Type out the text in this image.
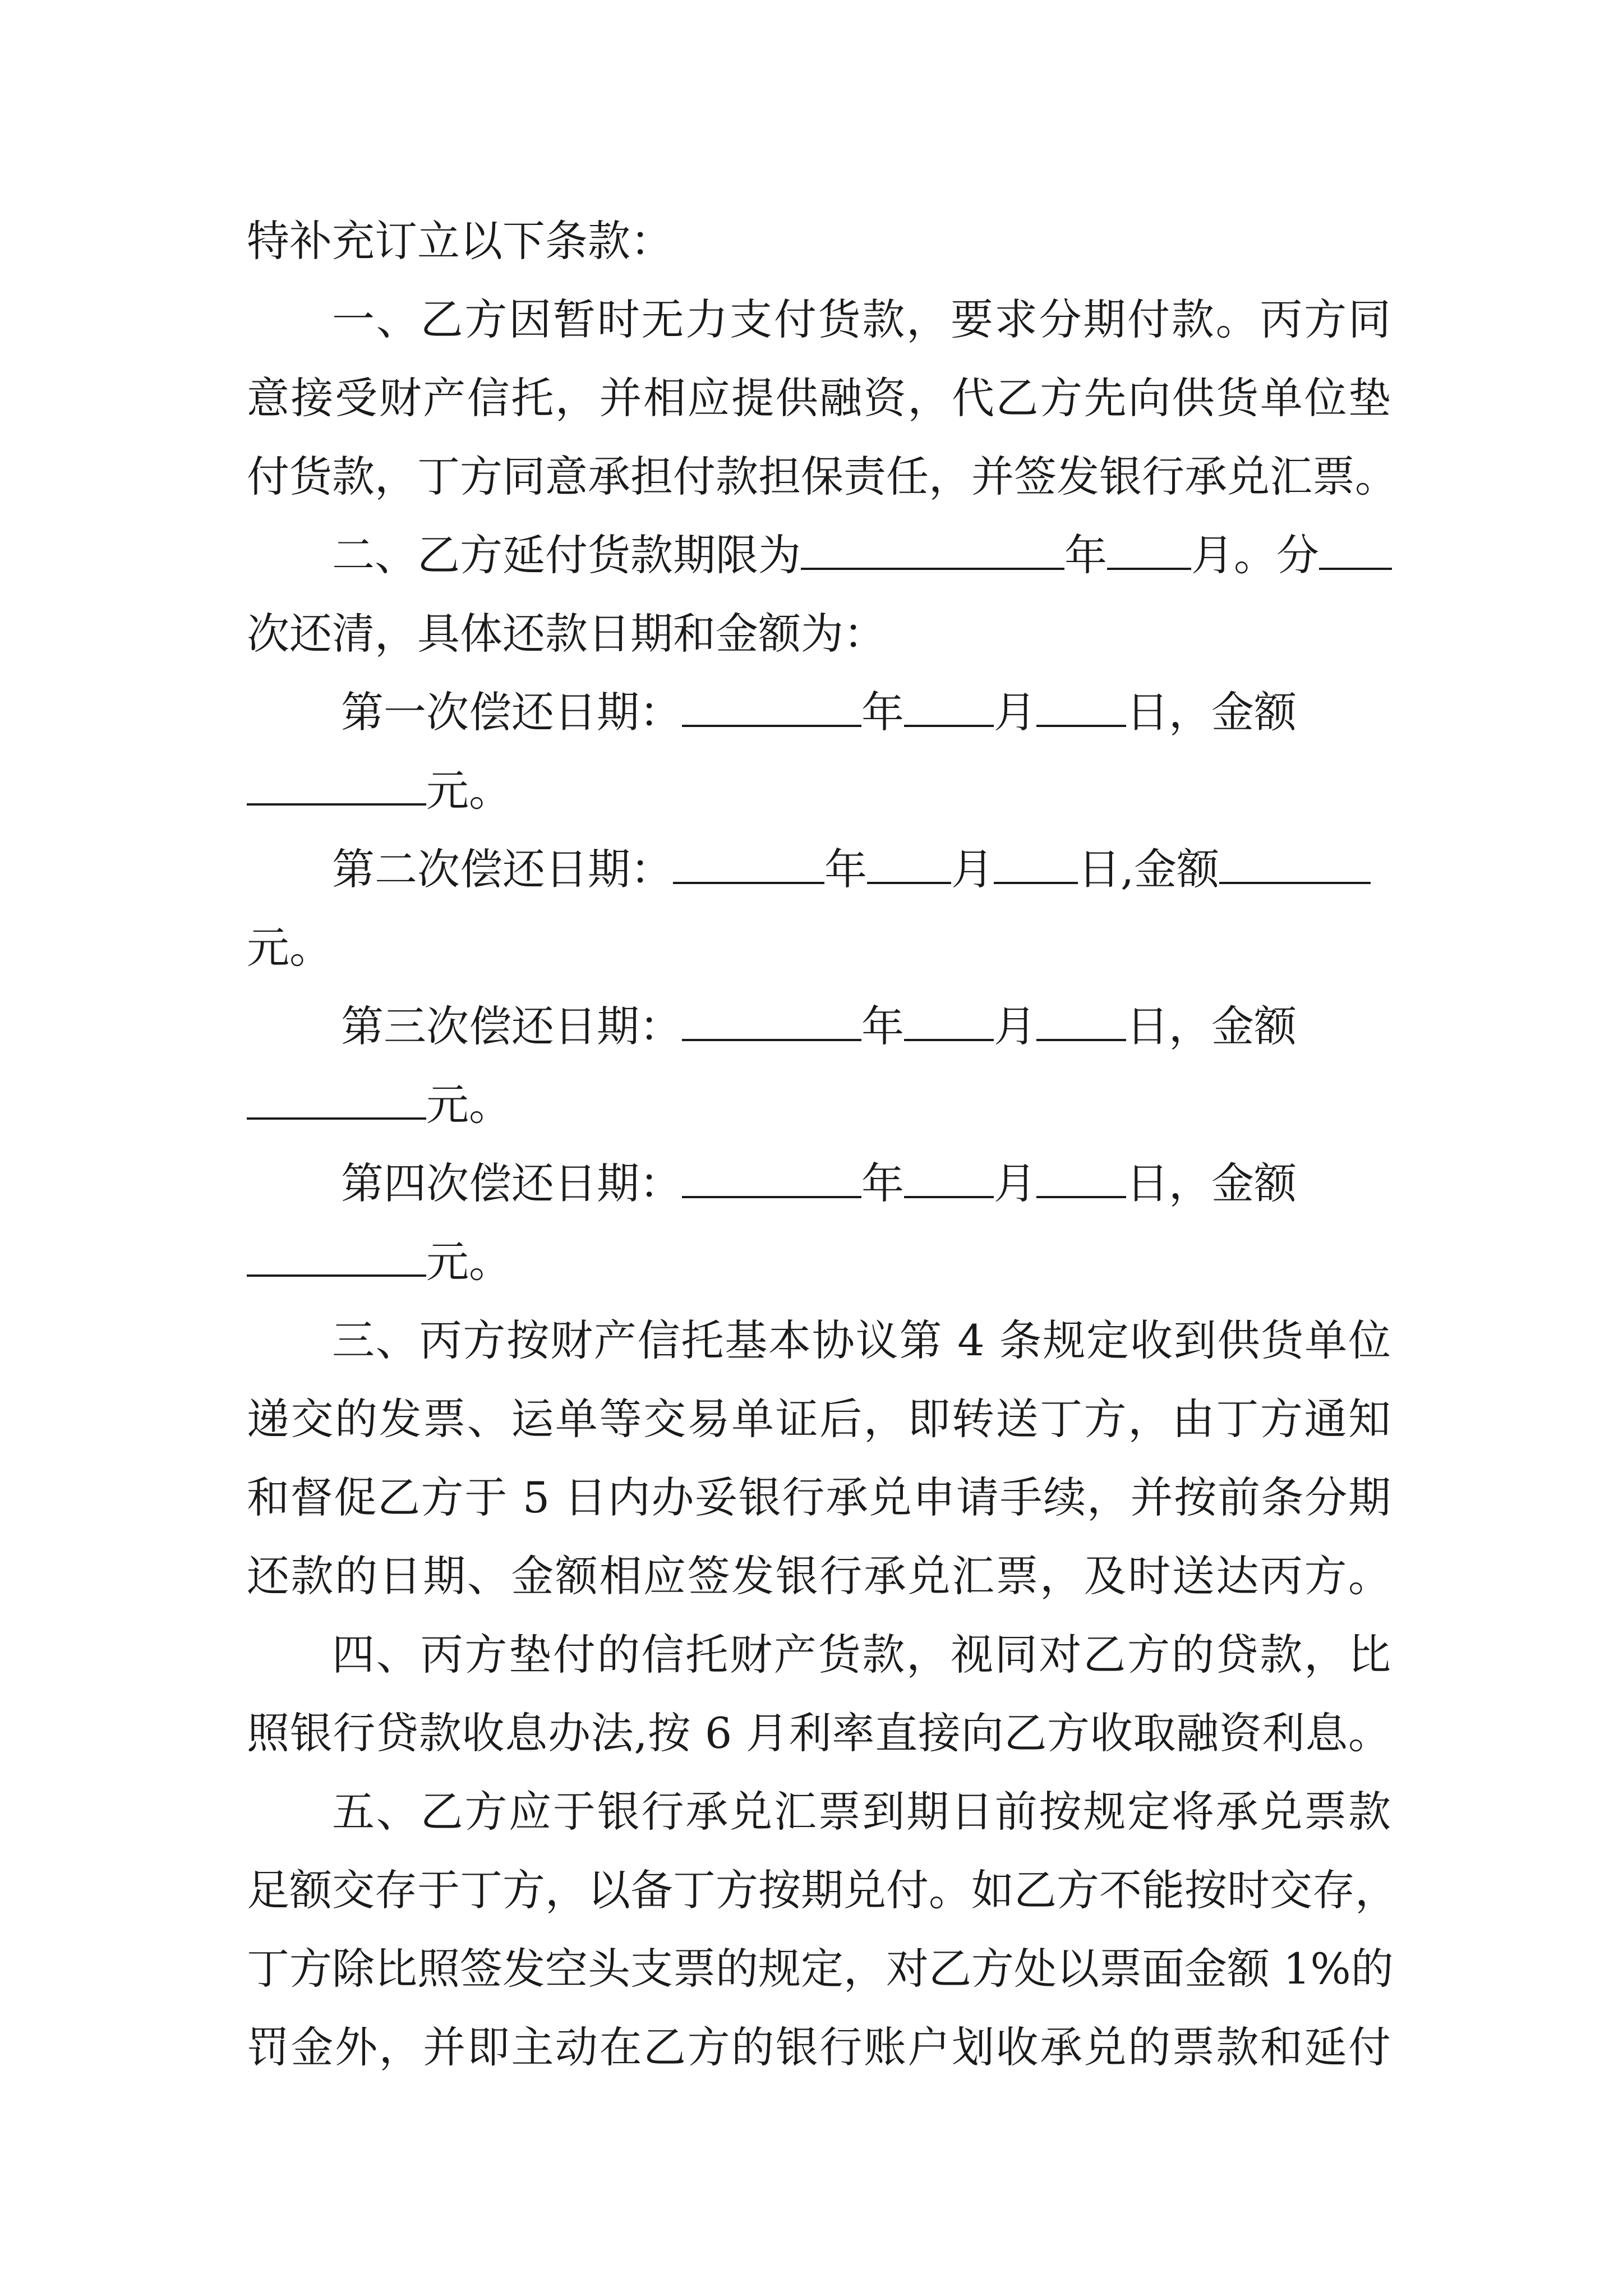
特补充订立以下条款：
一、乙方因暂时无力支付货款，要求分期付款。丙方同
意接受财产信托，并相应提供融资，代乙方先向供货单位垫
付货款，丁方同意承担付款担保责任，并签发银行承兑汇票。
二、乙方延付货款期限为	年 月。分
次还清，具体还款日期和金额为：
第一次偿还日期：	年 月 日，金额
元。
第二次偿还日期：	年 月 日,金额
元。
第三次偿还日期：	年 月 日，金额
元。
第四次偿还日期：	年 月 日，金额
元。
三、丙方按财产信托基本协议第 4 条规定收到供货单位
递交的发票、运单等交易单证后，即转送丁方，由丁方通知
和督促乙方于 5 日内办妥银行承兑申请手续，并按前条分期
还款的日期、金额相应签发银行承兑汇票，及时送达丙方。
四、丙方垫付的信托财产货款，视同对乙方的贷款，比
照银行贷款收息办法,按 6 月利率直接向乙方收取融资利息。
五、乙方应于银行承兑汇票到期日前按规定将承兑票款
足额交存于丁方，以备丁方按期兑付。如乙方不能按时交存，
丁方除比照签发空头支票的规定，对乙方处以票面金额 1%的
罚金外，并即主动在乙方的银行账户划收承兑的票款和延付
